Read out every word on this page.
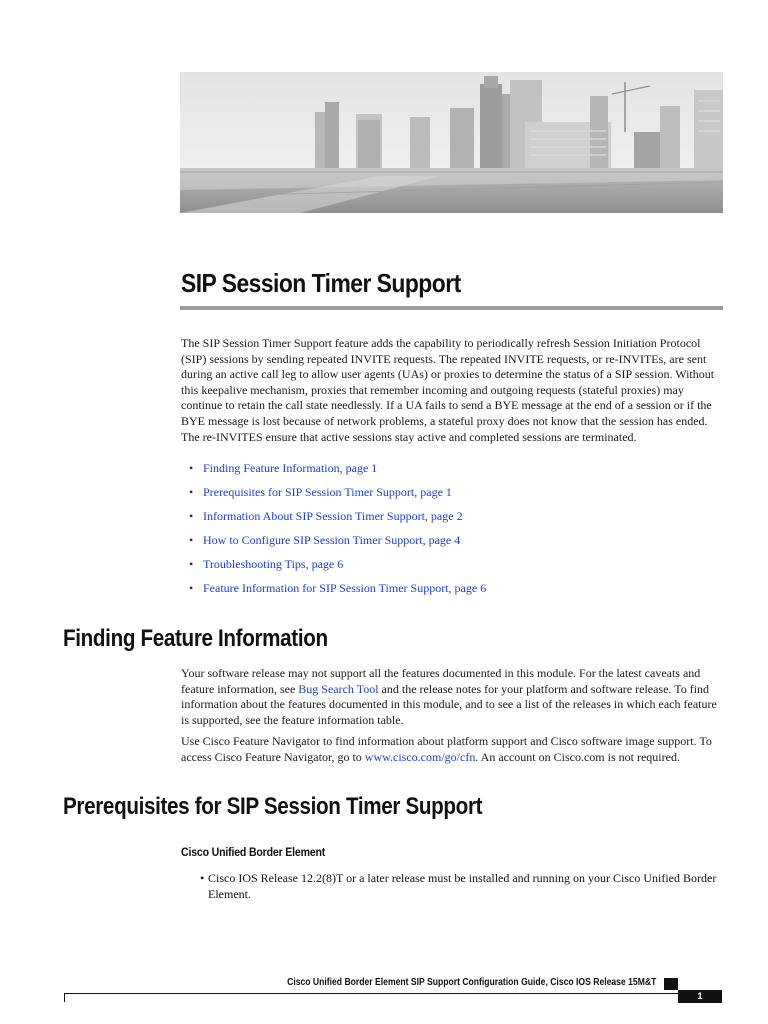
SIP Session Timer Support

The SIP Session Timer Support feature adds the capability to periodically refresh Session Initiation Protocol (SIP) sessions by sending repeated INVITE requests. The repeated INVITE requests, or re-INVITEs, are sent during an active call leg to allow user agents (UAs) or proxies to determine the status of a SIP session. Without this keepalive mechanism, proxies that remember incoming and outgoing requests (stateful proxies) may continue to retain the call state needlessly. If a UA fails to send a BYE message at the end of a session or if the BYE message is lost because of network problems, a stateful proxy does not know that the session has ended. The re-INVITES ensure that active sessions stay active and completed sessions are terminated.

• Finding Feature Information, page 1
• Prerequisites for SIP Session Timer Support, page 1
• Information About SIP Session Timer Support, page 2
• How to Configure SIP Session Timer Support, page 4
• Troubleshooting Tips, page 6
• Feature Information for SIP Session Timer Support, page 6
Finding Feature Information

Your software release may not support all the features documented in this module. For the latest caveats and feature information, see Bug Search Tool and the release notes for your platform and software release. To find information about the features documented in this module, and to see a list of the releases in which each feature is supported, see the feature information table.

Use Cisco Feature Navigator to find information about platform support and Cisco software image support. To access Cisco Feature Navigator, go to www.cisco.com/go/cfn. An account on Cisco.com is not required.

Prerequisites for SIP Session Timer Support
Cisco Unified Border Element
• Cisco IOS Release 12.2(8)T or a later release must be installed and running on your Cisco Unified Border Element.
Cisco Unified Border Element SIP Support Configuration Guide, Cisco IOS Release 15M&T
1
